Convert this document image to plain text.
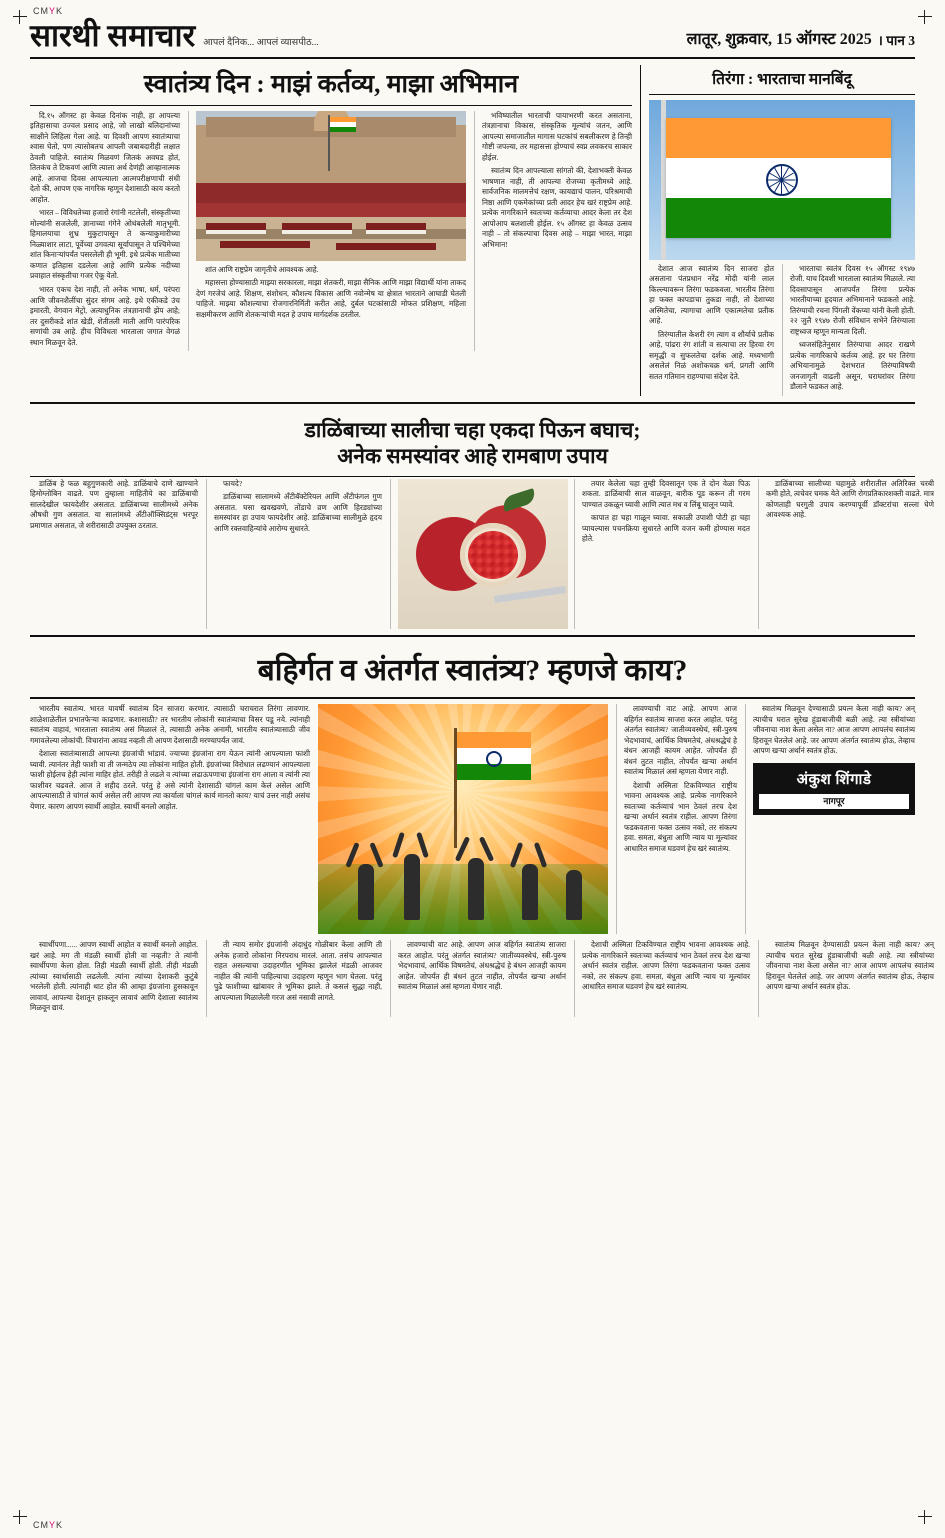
CMYK
CMYK
सारथी समाचार आपलं दैनिक... आपलं व्यासपीठ...	लातूर, शुक्रवार, 15 ऑगस्ट 2025 । पान 3
स्वातंत्र्य दिन : माझं कर्तव्य, माझा अभिमान

दि.१५ ऑगस्ट हा केवळ दिनांक नाही, हा आपल्या इतिहासाचा उज्वल प्रसाद आहे, जो लाखो बलिदानांच्या साक्षीने लिहिला गेला आहे. या दिवशी आपण स्वातंत्र्याचा श्वास घेतो, पण त्यासोबतच आपली जबाबदारीही लक्षात ठेवली पाहिजे. स्वातंत्र्य मिळवणं जितकं अवघड होतं, तितकंच ते टिकवणं आणि त्याला अर्थ देणंही आव्हानात्मक आहे. आजचा दिवस आपल्याला आत्मपरीक्षणाची संधी देतो की, आपण एक नागरिक म्हणून देशासाठी काय करतो आहोत.

भारत – विविधतेच्या हजारो रंगांनी नटलेली, संस्कृतीच्या मोल्यांनी सजलेली, ज्ञानाच्या गंगेने ओथंबलेली मातृभूमी. हिमालयाचा शुभ्र मुकुटापासून ते कन्याकुमारीच्या निळ्याशार लाटा, पूर्वेच्या उगवत्या सूर्यापासून ते पश्चिमेच्या शांत किनाऱ्यांपर्यंत पसरलेली ही भूमी. इथे प्रत्येक मातीच्या कणात इतिहास दडलेला आहे आणि प्रत्येक नदीच्या प्रवाहात संस्कृतीचा गजर ऐकू येतो.

भारत एकच देश नाही, तो अनेक भाषा, धर्म, परंपरा आणि जीवनशैलींचा सुंदर संगम आहे. इथे एकीकडे उंच इमारती, वेगवान मेट्रो, अत्याधुनिक तंत्रज्ञानाची झेप आहे; तर दुसरीकडे शांत खेडी, शेतीतली माती आणि पारंपरिक सणांची उब आहे. हीच विविधता भारताला जगात वेगळं स्थान मिळवून देते.

शांत आणि राष्ट्रप्रेम जागृतीचे आवश्यक आहे.

महासत्ता होण्यासाठी माझ्या सरकारला, माझा शेतकरी, माझा सैनिक आणि माझा विद्यार्थी यांना ताकद देणं गरजेचं आहे. शिक्षण, संशोधन, कौशल्य विकास आणि नवोन्मेष या क्षेत्रात भारताने आघाडी घेतली पाहिजे. माझ्या कौशल्याचा रोजगारनिर्मिती करीत आहे, दुर्बल घटकांसाठी मोफत प्रशिक्षण, महिला सक्षमीकरण आणि शेतकऱ्यांची मदत हे उपाय मार्गदर्शक ठरतील.

भविष्यातील भारताची पायाभरणी करत असताना, तंत्रज्ञानाचा विकास, संस्कृतिक मूल्यांचं जतन, आणि आपल्या समाजातील मागास घटकांचं सबलीकरण हे तिन्ही गोष्टी जपल्या, तर महासत्ता होण्याचं स्वप्न लवकरच साकार होईल.

स्वातंत्र्य दिन आपल्याला सांगतो की, देशाभक्ती केवळ भाषणात नाही, ती आपल्या रोजच्या कृतीमध्ये आहे. सार्वजनिक मालमत्तेचं रक्षण, कायद्याचं पालन, परिश्रमाची निष्ठा आणि एकमेकांच्या प्रती आदर हेच खरं राष्ट्रप्रेम आहे. प्रत्येक नागरिकाने स्वतःच्या कर्तव्याचा आदर केला तर देश आपोआप बलशाली होईल. १५ ऑगस्ट हा केवळ उत्सव नाही – तो संकल्पाचा दिवस आहे – माझा भारत, माझा अभिमान!

तिरंगा : भारताचा मानबिंदू

देशात आज स्वातंत्र्य दिन साजरा होत असताना पंतप्रधान नरेंद्र मोदी यांनी लाल किल्ल्यावरून तिरंगा फडकवला. भारतीय तिरंगा हा फक्त कापडाचा तुकडा नाही, तो देशाच्या अस्मितेचा, त्यागाचा आणि एकात्मतेचा प्रतीक आहे.

तिरंग्यातील केशरी रंग त्याग व शौर्याचे प्रतीक आहे, पांढरा रंग शांती व सत्याचा तर हिरवा रंग समृद्धी व सुफलतेचा दर्शक आहे. मध्यभागी असलेलं निळं अशोकचक्र धर्म, प्रगती आणि सतत गतिमान राहण्याचा संदेश देते.

भारताचा स्वतंत्र दिवस १५ ऑगस्ट १९४७ रोजी. याच दिवशी भारताला स्वातंत्र्य मिळाले. त्या दिवसापासून आजपर्यंत तिरंगा प्रत्येक भारतीयाच्या हृदयात अभिमानाने फडकतो आहे. तिरंग्याची रचना पिंगली वेंकय्या यांनी केली होती. २२ जुलै १९४७ रोजी संविधान सभेने तिरंग्याला राष्ट्रध्वज म्हणून मान्यता दिली.

ध्वजसंहितेनुसार तिरंग्याचा आदर राखणे प्रत्येक नागरिकाचे कर्तव्य आहे. हर घर तिरंगा अभियानामुळे देशभरात तिरंग्याविषयी जनजागृती वाढली असून, घराघरांवर तिरंगा डौलाने फडकत आहे.

डाळिंबाच्या सालीचा चहा एकदा पिऊन बघाच;
अनेक समस्यांवर आहे रामबाण उपाय

डाळिंब हे फळ बहुगुणकारी आहे. डाळिंबाचे दाणे खाण्याने हिमोग्लोबिन वाढते. पण तुम्हाला माहितीये का डाळिंबाची सालदेखील फायदेशीर असतात. डाळिंबाच्या सालीमध्ये अनेक औषधी गुण असतात. या सालांमध्ये अँटीऑक्सिडंट्स भरपूर प्रमाणात असतात, जे शरीरासाठी उपयुक्त ठरतात.

फायदे?

डाळिंबाच्या सालामध्ये अँटीबॅक्टेरियल आणि अँटीफंगल गुण असतात. घसा खवखवणे, तोंडाचे व्रण आणि हिरड्यांच्या समस्यांवर हा उपाय फायदेशीर आहे. डाळिंबाच्या सालीमुळे हृदय आणि रक्तवाहिन्यांचे आरोग्य सुधारते.

तयार केलेला चहा तुम्ही दिवसातून एक ते दोन वेळा पिऊ शकता. डाळिंबाची साल वाळवून, बारीक पूड करून ती गरम पाण्यात उकळून घ्यावी आणि त्यात मध व लिंबू घालून प्यावे.

कापात हा चहा गाळून घ्यावा. सकाळी उपाशी पोटी हा चहा प्यायल्यास पचनक्रिया सुधारते आणि वजन कमी होण्यास मदत होते.

डाळिंबाच्या सालीच्या चहामुळे शरीरातील अतिरिक्त चरबी कमी होते, त्वचेवर चमक येते आणि रोगप्रतिकारशक्ती वाढते. मात्र कोणताही घरगुती उपाय करण्यापूर्वी डॉक्टरांचा सल्ला घेणे आवश्यक आहे.

बहिर्गत व अंतर्गत स्वातंत्र्य? म्हणजे काय?

भारतीय स्वातंत्र्य. भारत यावर्षी स्वातंत्र्य दिन साजरा करणार. त्यासाठी चराचरात तिरंगा लावणार. शाळेशाळेतील प्रभातफेऱ्या काढणार. कशासाठी? तर भारतीय लोकांनी स्वातंत्र्याचा विसर पडू नये. त्यांनाही स्वातंत्र्य वाहावं, भारताला स्वातंत्र्य असं मिळालं ते, त्यासाठी अनेक अनामी, भारतीय स्वातंत्र्यासाठी जीव गमावलेल्या लोकांची. विचारांना आवड नव्हती ती आपण देशासाठी मरण्यापर्यंत जावं.

देशाला स्वातंत्र्यासाठी आपल्या इंग्रजांची भांडावं. ज्याच्या इंग्रजांना राग येऊन त्यांनी आपल्याला फाशी घ्यावी. त्यानंतर तेही फाशी वा ती जन्मठेप त्या लोकांना माहित होती. इंग्रजांच्या विरोधात लढण्यानं आपल्याला फाशी होईलच हेही त्यांना माहिर होतं. तरीही ते लढले व त्यांच्या लढाऊपणाचा इंग्रजांना राग आला व त्यांनी त्या फाशीवर चढवले. आज ते शहीद ठरले. परंतु हे असे त्यांनी देशासाठी चांगलं काम केलं असेल आणि आपल्यासाठी ते चांगलं कार्य असेल तरी आपण त्या कार्याला चांगलं कार्य मानतो काय? याचं उत्तर नाही असंच येणार. कारण आपण स्वार्थी आहोत. स्वार्थी बनलो आहोत.

लावण्याची वाट आहे. आपण आज बहिर्गत स्वातंत्र्य साजरा करत आहोत. परंतु अंतर्गत स्वातंत्र्य? जातीव्यवस्थेचं, स्त्री-पुरुष भेदभावाचं, आर्थिक विषमतेचं, अंधश्रद्धेचं हे बंधन आजही कायम आहेत. जोपर्यंत ही बंधनं तुटत नाहीत, तोपर्यंत खऱ्या अर्थानं स्वातंत्र्य मिळालं असं म्हणता येणार नाही.

देशाची अस्मिता टिकविण्यात राष्ट्रीय भावना आवश्यक आहे. प्रत्येक नागरिकाने स्वतःच्या कर्तव्याचं भान ठेवलं तरच देश खऱ्या अर्थानं स्वतंत्र राहील. आपण तिरंगा फडकवताना फक्त उत्सव नको, तर संकल्प हवा. समता, बंधुता आणि न्याय या मूल्यांवर आधारित समाज घडवणं हेच खरं स्वातंत्र्य.

स्वातंत्र्य मिळवून देण्यासाठी प्रयत्न केला नाही काय? अन् त्याचीच घरात सुरेख हुंडाबाजीची बळी आहे. त्या स्त्रीयांच्या जीवनाचा नाश केला असेल ना? आज आपण आपलंच स्वातंत्र्य हिरावून घेतलेलं आहे. जर आपण अंतर्गत स्वातंत्र्य होऊ, तेव्हाच आपण खऱ्या अर्थानं स्वतंत्र होऊ.

अंकुश शिंगाडे
नागपूर

स्वार्थीपणा...... आपण स्वार्थी आहोत व स्वार्थी बनलो आहोत. खरं आहे. मग ती मंडळी स्वार्थी होती वा नव्हती? ते त्यांनी स्वार्थीपणा केला होता. तिही मंडळी स्वार्थी होती. तीही मंडळी त्यांच्या स्वार्थासाठी लढलेली. त्यांना त्यांच्या देशाकरी कुटुंबे भरलेली होती. त्यांनाही थाट होत की आम्हा इंग्रजांना हुसकावून लावावं, आपल्या देशातून हाकलून लावावं आणि देशाला स्वातंत्र्य मिळवून द्यावं.

ती न्याय समोर इंग्रजांनी अंदाधुंद गोळीबार केला आणि ती अनेक हजारो लोकांना निरपराध मारलं. आता. तसंच आपल्यात राहत असल्याचा उदाहरणीत भूमिका झालेलं मंडळी आजवर नाहीत की त्यांनी पाहिल्याचा उदाहरण म्हणून भाग घेतला. परंतु पुढे फाशीच्या खांबावर ते भूमिका झाले. ते कसलं सुद्धा नाही, आपल्याला मिळालेली गरज असं नसावी लागते.

लावण्याची वाट आहे. आपण आज बहिर्गत स्वातंत्र्य साजरा करत आहोत. परंतु अंतर्गत स्वातंत्र्य? जातीव्यवस्थेचं, स्त्री-पुरुष भेदभावाचं, आर्थिक विषमतेचं, अंधश्रद्धेचं हे बंधन आजही कायम आहेत. जोपर्यंत ही बंधनं तुटत नाहीत, तोपर्यंत खऱ्या अर्थानं स्वातंत्र्य मिळालं असं म्हणता येणार नाही.

देशाची अस्मिता टिकविण्यात राष्ट्रीय भावना आवश्यक आहे. प्रत्येक नागरिकाने स्वतःच्या कर्तव्याचं भान ठेवलं तरच देश खऱ्या अर्थानं स्वतंत्र राहील. आपण तिरंगा फडकवताना फक्त उत्सव नको, तर संकल्प हवा. समता, बंधुता आणि न्याय या मूल्यांवर आधारित समाज घडवणं हेच खरं स्वातंत्र्य.

स्वातंत्र्य मिळवून देण्यासाठी प्रयत्न केला नाही काय? अन् त्याचीच घरात सुरेख हुंडाबाजीची बळी आहे. त्या स्त्रीयांच्या जीवनाचा नाश केला असेल ना? आज आपण आपलंच स्वातंत्र्य हिरावून घेतलेलं आहे. जर आपण अंतर्गत स्वातंत्र्य होऊ, तेव्हाच आपण खऱ्या अर्थानं स्वतंत्र होऊ.
